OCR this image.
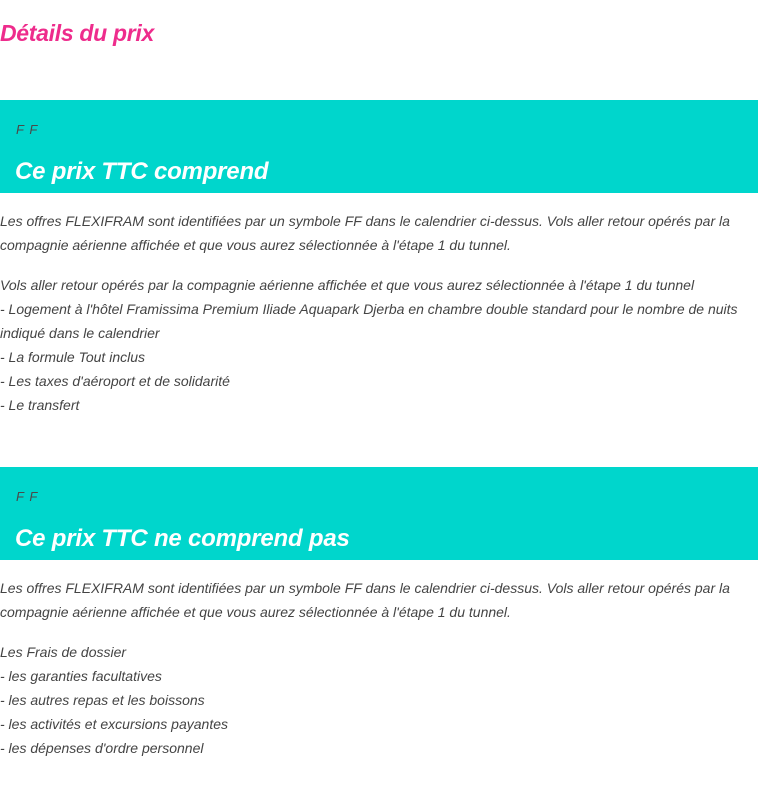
Détails du prix
F F
Ce prix TTC comprend

Les offres FLEXIFRAM sont identifiées par un symbole FF dans le calendrier ci-dessus. Vols aller retour opérés par la compagnie aérienne affichée et que vous aurez sélectionnée à l'étape 1 du tunnel.

Vols aller retour opérés par la compagnie aérienne affichée et que vous aurez sélectionnée à l'étape 1 du tunnel
- Logement à l'hôtel Framissima Premium Iliade Aquapark Djerba en chambre double standard pour le nombre de nuits indiqué dans le calendrier
- La formule Tout inclus
- Les taxes d'aéroport et de solidarité
- Le transfert
F F
Ce prix TTC ne comprend pas

Les offres FLEXIFRAM sont identifiées par un symbole FF dans le calendrier ci-dessus. Vols aller retour opérés par la compagnie aérienne affichée et que vous aurez sélectionnée à l'étape 1 du tunnel.

Les Frais de dossier
- les garanties facultatives
- les autres repas et les boissons
- les activités et excursions payantes
- les dépenses d'ordre personnel
